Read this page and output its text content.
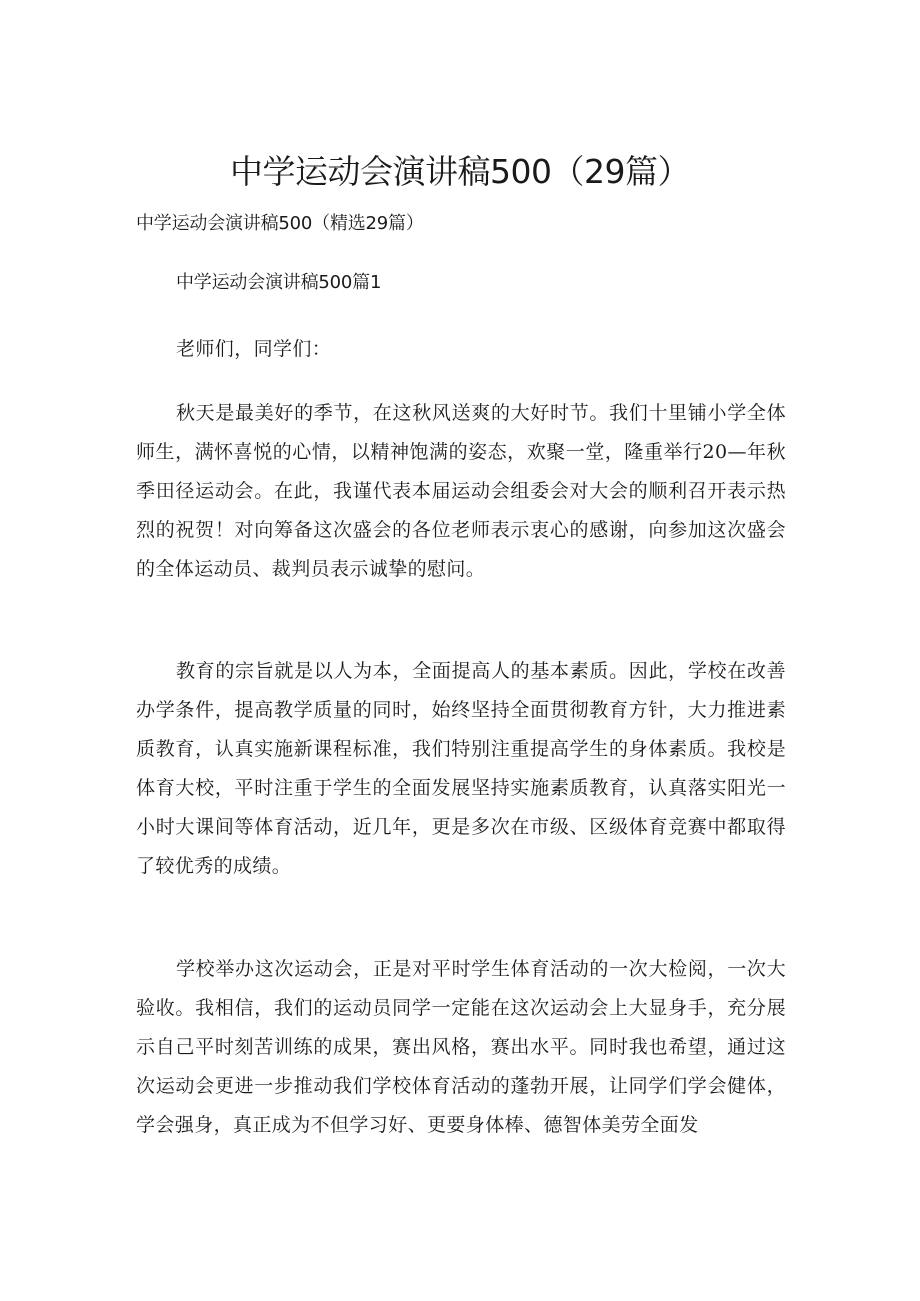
中学运动会演讲稿500（29篇）
中学运动会演讲稿500（精选29篇）
中学运动会演讲稿500篇1

老师们，同学们：

秋天是最美好的季节，在这秋风送爽的大好时节。我们十里铺小学全体师生，满怀喜悦的心情，以精神饱满的姿态，欢聚一堂，隆重举行20—年秋季田径运动会。在此，我谨代表本届运动会组委会对大会的顺利召开表示热烈的祝贺！对向筹备这次盛会的各位老师表示衷心的感谢，向参加这次盛会的全体运动员、裁判员表示诚挚的慰问。

教育的宗旨就是以人为本，全面提高人的基本素质。因此，学校在改善办学条件，提高教学质量的同时，始终坚持全面贯彻教育方针，大力推进素质教育，认真实施新课程标准，我们特别注重提高学生的身体素质。我校是体育大校，平时注重于学生的全面发展坚持实施素质教育，认真落实阳光一小时大课间等体育活动，近几年，更是多次在市级、区级体育竞赛中都取得了较优秀的成绩。

学校举办这次运动会，正是对平时学生体育活动的一次大检阅，一次大验收。我相信，我们的运动员同学一定能在这次运动会上大显身手，充分展示自己平时刻苦训练的成果，赛出风格，赛出水平。同时我也希望，通过这次运动会更进一步推动我们学校体育活动的蓬勃开展，让同学们学会健体，学会强身，真正成为不但学习好、更要身体棒、德智体美劳全面发
